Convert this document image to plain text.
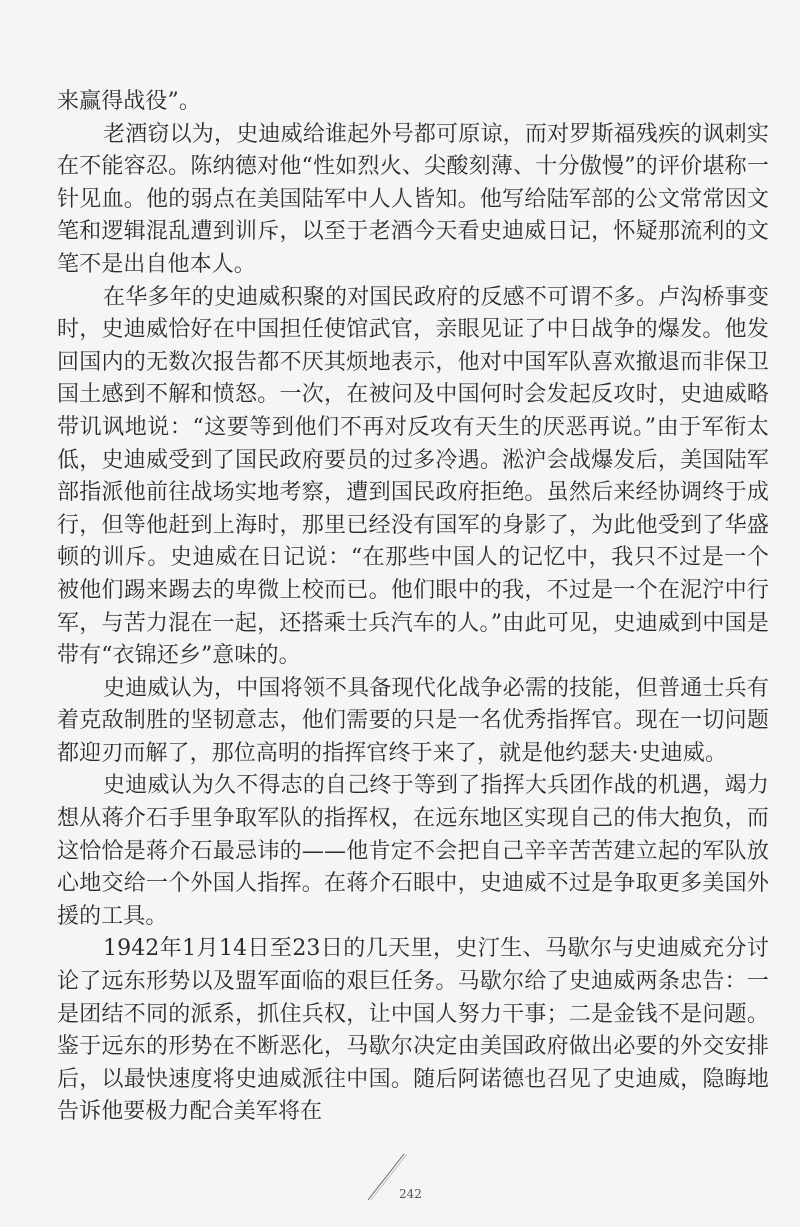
来赢得战役”。

老酒窃以为，史迪威给谁起外号都可原谅，而对罗斯福残疾的讽刺实在不能容忍。陈纳德对他“性如烈火、尖酸刻薄、十分傲慢”的评价堪称一针见血。他的弱点在美国陆军中人人皆知。他写给陆军部的公文常常因文笔和逻辑混乱遭到训斥，以至于老酒今天看史迪威日记，怀疑那流利的文笔不是出自他本人。

在华多年的史迪威积聚的对国民政府的反感不可谓不多。卢沟桥事变时，史迪威恰好在中国担任使馆武官，亲眼见证了中日战争的爆发。他发回国内的无数次报告都不厌其烦地表示，他对中国军队喜欢撤退而非保卫国土感到不解和愤怒。一次，在被问及中国何时会发起反攻时，史迪威略带讥讽地说：“这要等到他们不再对反攻有天生的厌恶再说。”由于军衔太低，史迪威受到了国民政府要员的过多冷遇。淞沪会战爆发后，美国陆军部指派他前往战场实地考察，遭到国民政府拒绝。虽然后来经协调终于成行，但等他赶到上海时，那里已经没有国军的身影了，为此他受到了华盛顿的训斥。史迪威在日记说：“在那些中国人的记忆中，我只不过是一个被他们踢来踢去的卑微上校而已。他们眼中的我，不过是一个在泥泞中行军，与苦力混在一起，还搭乘士兵汽车的人。”由此可见，史迪威到中国是带有“衣锦还乡”意味的。

史迪威认为，中国将领不具备现代化战争必需的技能，但普通士兵有着克敌制胜的坚韧意志，他们需要的只是一名优秀指挥官。现在一切问题都迎刃而解了，那位高明的指挥官终于来了，就是他约瑟夫·史迪威。

史迪威认为久不得志的自己终于等到了指挥大兵团作战的机遇，竭力想从蒋介石手里争取军队的指挥权，在远东地区实现自己的伟大抱负，而这恰恰是蒋介石最忌讳的——他肯定不会把自己辛辛苦苦建立起的军队放心地交给一个外国人指挥。在蒋介石眼中，史迪威不过是争取更多美国外援的工具。

1942年1月14日至23日的几天里，史汀生、马歇尔与史迪威充分讨论了远东形势以及盟军面临的艰巨任务。马歇尔给了史迪威两条忠告：一是团结不同的派系，抓住兵权，让中国人努力干事；二是金钱不是问题。鉴于远东的形势在不断恶化，马歇尔决定由美国政府做出必要的外交安排后，以最快速度将史迪威派往中国。随后阿诺德也召见了史迪威，隐晦地告诉他要极力配合美军将在

242
